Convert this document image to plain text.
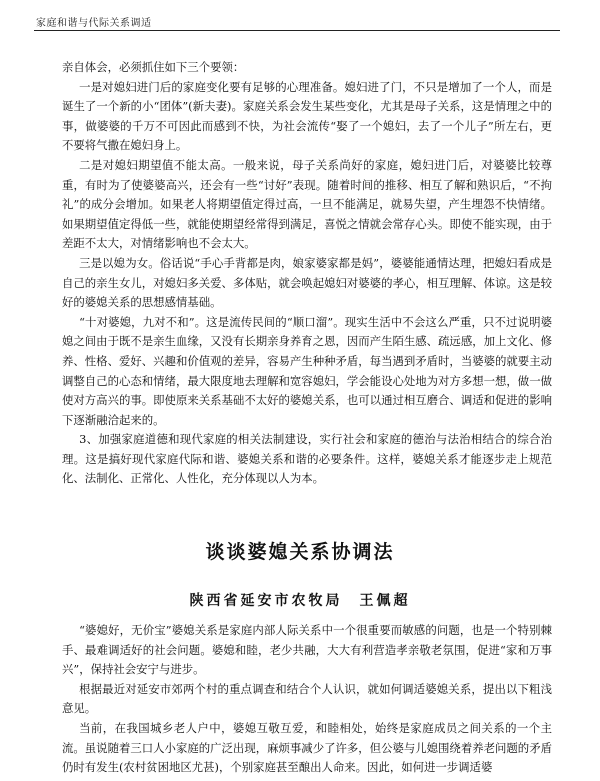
家庭和谐与代际关系调适

亲自体会，必须抓住如下三个要领：

一是对媳妇进门后的家庭变化要有足够的心理准备。媳妇进了门，不只是增加了一个人，而是诞生了一个新的小“团体”(新夫妻)。家庭关系会发生某些变化，尤其是母子关系，这是情理之中的事，做婆婆的千万不可因此而感到不快，为社会流传“娶了一个媳妇，去了一个儿子”所左右，更不要将气撒在媳妇身上。

二是对媳妇期望值不能太高。一般来说，母子关系尚好的家庭，媳妇进门后，对婆婆比较尊重，有时为了使婆婆高兴，还会有一些“讨好”表现。随着时间的推移、相互了解和熟识后，“不拘礼”的成分会增加。如果老人将期望值定得过高，一旦不能满足，就易失望，产生埋怨不快情绪。如果期望值定得低一些，就能使期望经常得到满足，喜悦之情就会常存心头。即使不能实现，由于差距不太大，对情绪影响也不会太大。

三是以媳为女。俗话说“手心手背都是肉，娘家婆家都是妈”，婆婆能通情达理，把媳妇看成是自己的亲生女儿，对媳妇多关爱、多体贴，就会唤起媳妇对婆婆的孝心，相互理解、体谅。这是较好的婆媳关系的思想感情基础。

“十对婆媳，九对不和”。这是流传民间的“顺口溜”。现实生活中不会这么严重，只不过说明婆媳之间由于既不是亲生血缘，又没有长期亲身养育之恩，因而产生陌生感、疏远感，加上文化、修养、性格、爱好、兴趣和价值观的差异，容易产生种种矛盾，每当遇到矛盾时，当婆婆的就要主动调整自己的心态和情绪，最大限度地去理解和宽容媳妇，学会能设心处地为对方多想一想，做一做使对方高兴的事。即使原来关系基础不太好的婆媳关系，也可以通过相互磨合、调适和促进的影响下逐渐融洽起来的。

3、加强家庭道德和现代家庭的相关法制建设，实行社会和家庭的德治与法治相结合的综合治理。这是搞好现代家庭代际和谐、婆媳关系和谐的必要条件。这样，婆媳关系才能逐步走上规范化、法制化、正常化、人性化，充分体现以人为本。

谈谈婆媳关系协调法
陕西省延安市农牧局　王佩超

“婆媳好，无价宝”婆媳关系是家庭内部人际关系中一个很重要而敏感的问题，也是一个特别棘手、最难调适好的社会问题。婆媳和睦，老少共融，大大有利营造孝亲敬老氛围，促进“家和万事兴”，保持社会安宁与进步。

根据最近对延安市郊两个村的重点调查和结合个人认识，就如何调适婆媳关系，提出以下粗浅意见。

当前，在我国城乡老人户中，婆媳互敬互爱，和睦相处，始终是家庭成员之间关系的一个主流。虽说随着三口人小家庭的广泛出现，麻烦事减少了许多，但公婆与儿媳围绕着养老问题的矛盾仍时有发生(农村贫困地区尤甚)，个别家庭甚至酿出人命来。因此，如何进一步调适婆
